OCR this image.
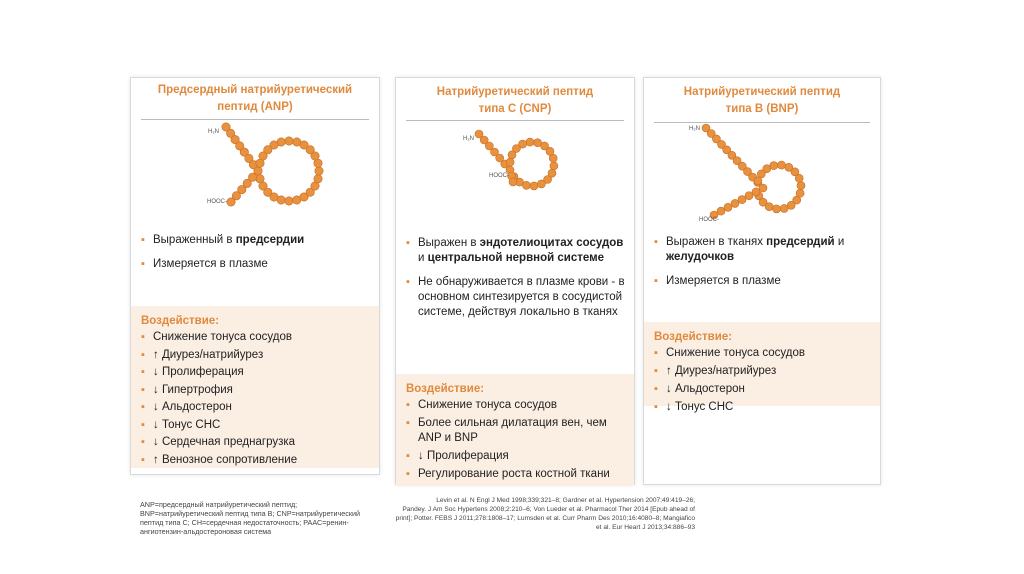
Предсердный натрийуретический
пептид (ANP)
H₂N
HOOC-
▪ Выраженный в предсердии
▪ Измеряется в плазме
Воздействие:
▪ Снижение тонуса сосудов
▪ ↑ Диурез/натрийурез
▪ ↓ Пролиферация
▪ ↓ Гипертрофия
▪ ↓ Альдостерон
▪ ↓ Тонус СНС
▪ ↓ Сердечная преднагрузка
▪ ↑ Венозное сопротивление
Натрийуретический пептид
типа С (CNP)
H₂N
HOOC-
▪ Выражен в эндотелиоцитах сосудов и центральной нервной системе
▪ Не обнаруживается в плазме крови - в основном синтезируется в сосудистой системе, действуя локально в тканях
Воздействие:
▪ Снижение тонуса сосудов
▪ Более сильная дилатация вен, чем ANP и BNP
▪ ↓ Пролиферация
▪ Регулирование роста костной ткани
Натрийуретический пептид
типа В (BNP)
H₂N
HOOC-
▪ Выражен в тканях предсердий и желудочков
▪ Измеряется в плазме
Воздействие:
▪ Снижение тонуса сосудов
▪ ↑ Диурез/натрийурез
▪ ↓ Альдостерон
▪ ↓ Тонус СНС
ANP=предсердный натрийуретический пептид;
BNP=натрийуретический пептид типа B; CNP=натрийуретический
пептид типа С; СН=сердечная недостаточность; РААС=ренин-
ангиотензин-альдостероновая система
Levin et al. N Engl J Med 1998;339;321–8; Gardner et al. Hypertension 2007;49:419–26;
Pandey. J Am Soc Hypertens 2008;2:210–6; Von Lueder et al. Pharmacol Ther 2014 [Epub ahead of
print]; Potter. FEBS J 2011;278:1808–17; Lumsden et al. Curr Pharm Des 2010;16:4080–8; Mangiafico
et al. Eur Heart J 2013;34:886–93
